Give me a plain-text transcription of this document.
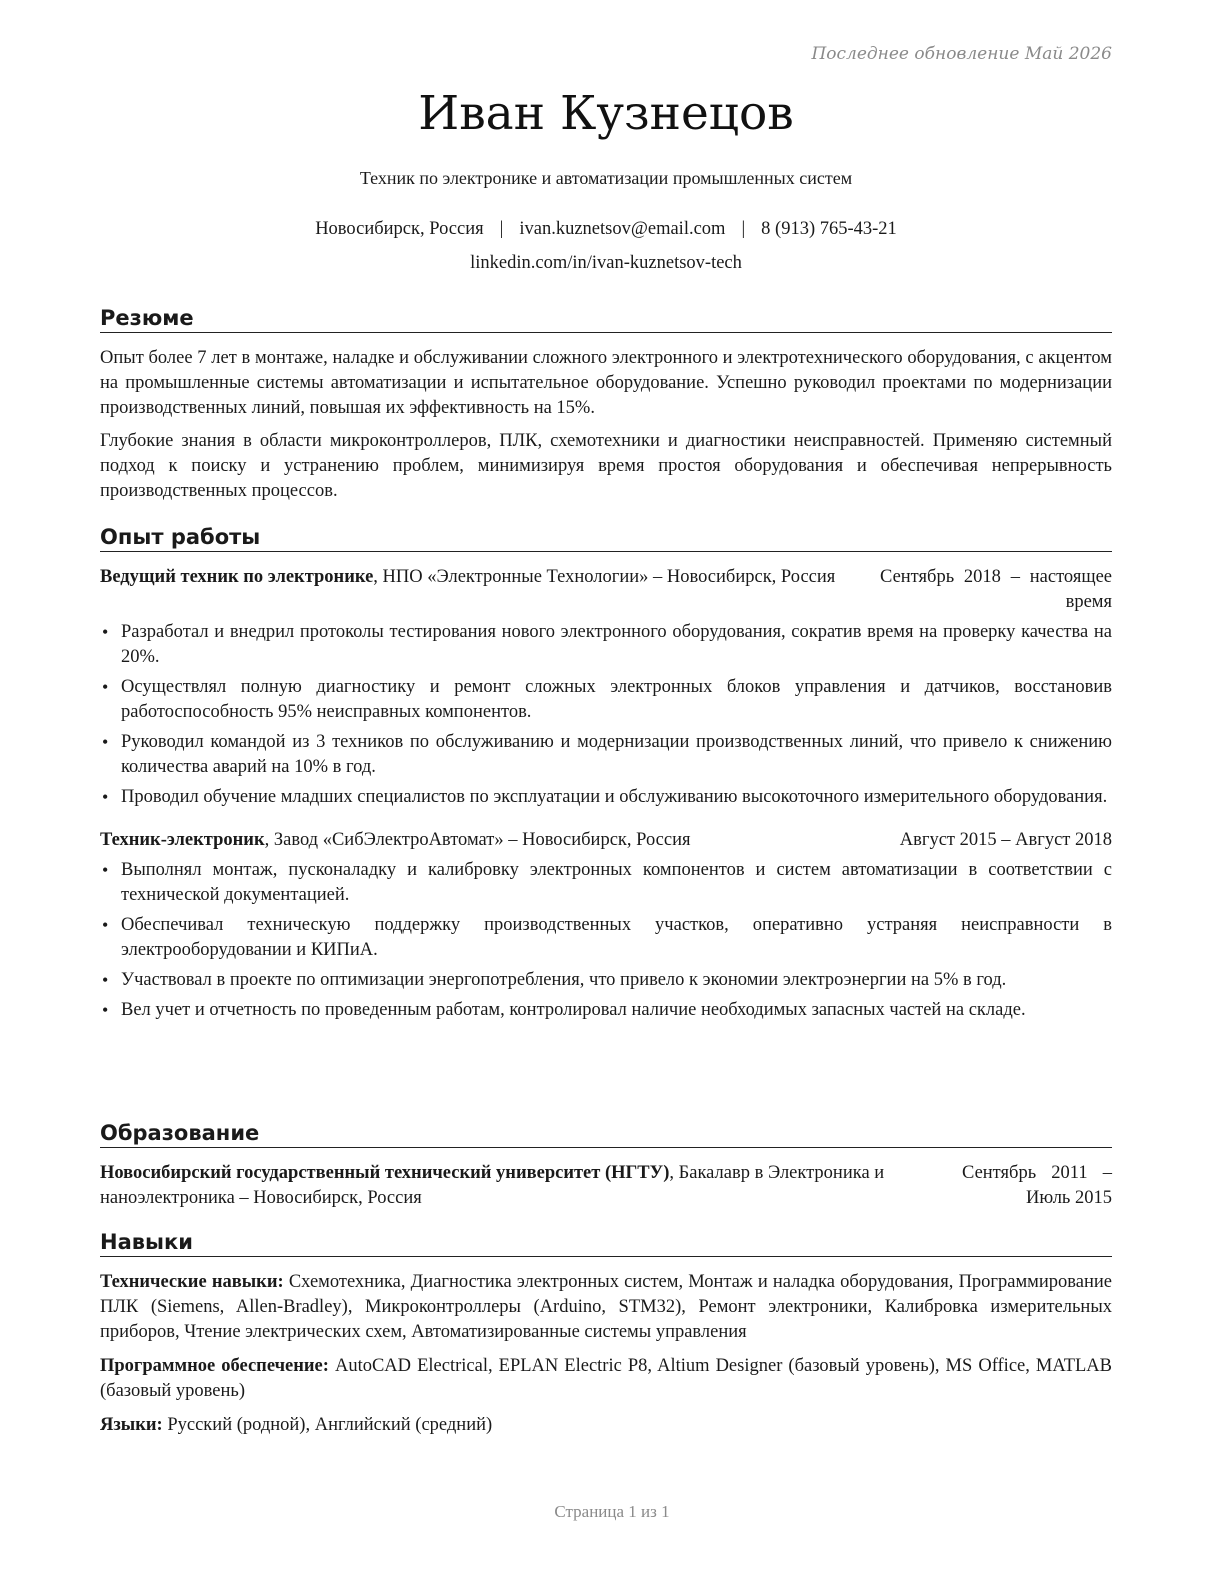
Последнее обновление Май 2026
Иван Кузнецов
Техник по электронике и автоматизации промышленных систем
Новосибирск, Россия | ivan.kuznetsov@email.com | 8 (913) 765-43-21
linkedin.com/in/ivan-kuznetsov-tech
Резюме

Опыт более 7 лет в монтаже, наладке и обслуживании сложного электронного и электротехнического оборудования, с акцентом на промышленные системы автоматизации и испытательное оборудование. Успешно руководил проектами по модернизации производственных линий, повышая их эффективность на 15%.

Глубокие знания в области микроконтроллеров, ПЛК, схемотехники и диагностики неисправностей. Применяю системный подход к поиску и устранению проблем, минимизируя время простоя оборудования и обеспечивая непрерывность производственных процессов.

Опыт работы
Ведущий техник по электронике, НПО «Электронные Технологии» – Новосибирск, Россия	Сентябрь 2018 – настоящее время
• Разработал и внедрил протоколы тестирования нового электронного оборудования, сократив время на проверку качества на 20%.
• Осуществлял полную диагностику и ремонт сложных электронных блоков управления и датчиков, восстановив работоспособность 95% неисправных компонентов.
• Руководил командой из 3 техников по обслуживанию и модернизации производственных линий, что привело к снижению количества аварий на 10% в год.
• Проводил обучение младших специалистов по эксплуатации и обслуживанию высокоточного измерительного оборудования.
Техник-электроник, Завод «СибЭлектроАвтомат» – Новосибирск, Россия	Август 2015 – Август 2018
• Выполнял монтаж, пусконаладку и калибровку электронных компонентов и систем автоматизации в соответствии с технической документацией.
• Обеспечивал техническую поддержку производственных участков, оперативно устраняя неисправности в электрооборудовании и КИПиА.
• Участвовал в проекте по оптимизации энергопотребления, что привело к экономии электроэнергии на 5% в год.
• Вел учет и отчетность по проведенным работам, контролировал наличие необходимых запасных частей на складе.
Образование
Новосибирский государственный технический университет (НГТУ), Бакалавр в Электроника и наноэлектроника – Новосибирск, Россия
Сентябрь 2011 – Июль 2015
Навыки

Технические навыки: Схемотехника, Диагностика электронных систем, Монтаж и наладка оборудования, Программирование ПЛК (Siemens, Allen-Bradley), Микроконтроллеры (Arduino, STM32), Ремонт электроники, Калибровка измерительных приборов, Чтение электрических схем, Автоматизированные системы управления

Программное обеспечение: AutoCAD Electrical, EPLAN Electric P8, Altium Designer (базовый уровень), MS Office, MATLAB (базовый уровень)

Языки: Русский (родной), Английский (средний)

Страница 1 из 1
